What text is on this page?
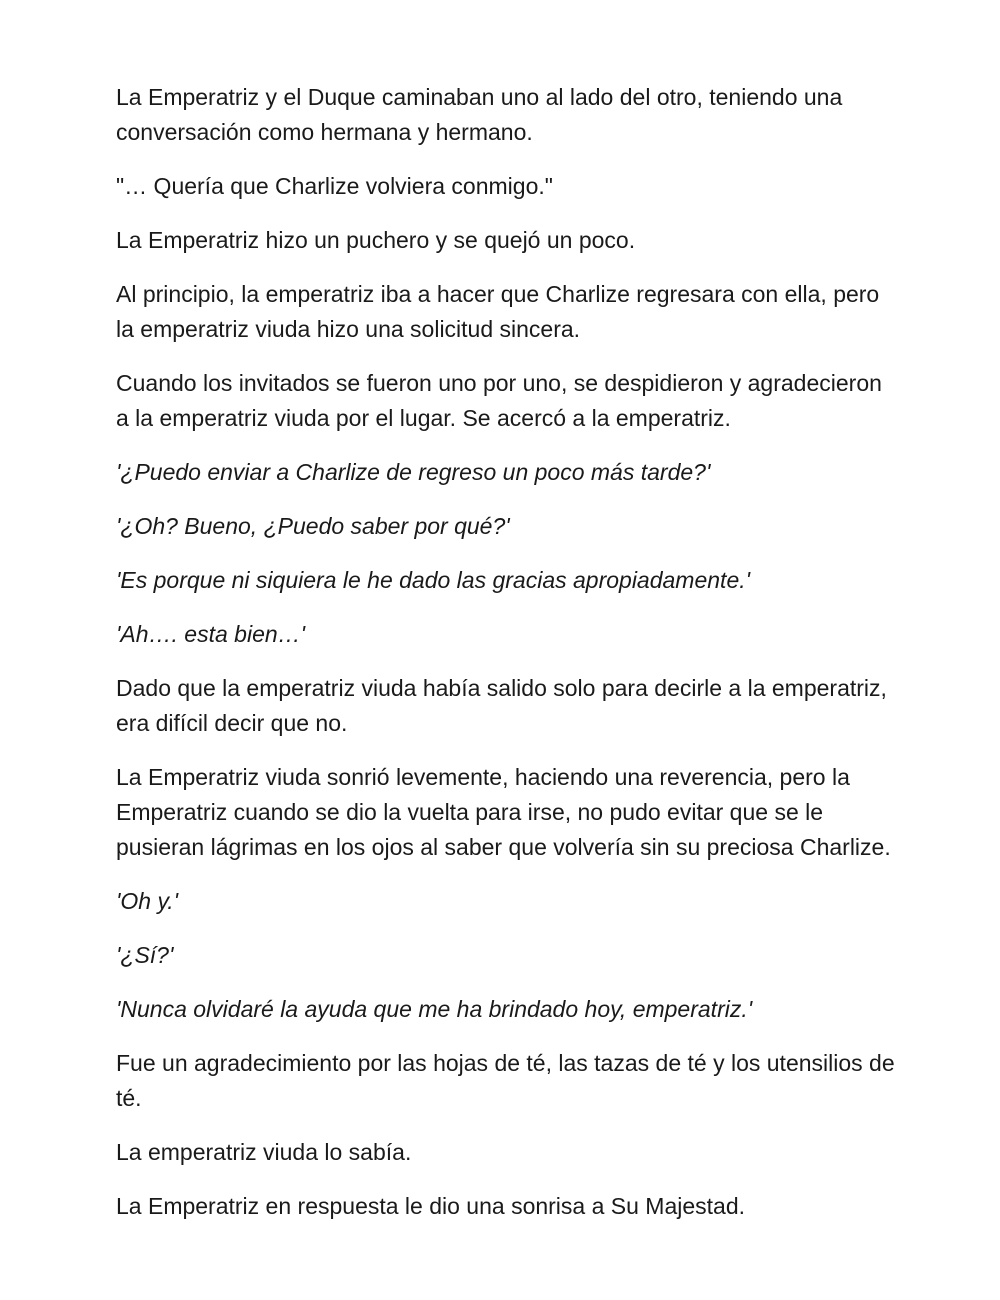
La Emperatriz y el Duque caminaban uno al lado del otro, teniendo una conversación como hermana y hermano.

"… Quería que Charlize volviera conmigo."

La Emperatriz hizo un puchero y se quejó un poco.

Al principio, la emperatriz iba a hacer que Charlize regresara con ella, pero la emperatriz viuda hizo una solicitud sincera.

Cuando los invitados se fueron uno por uno, se despidieron y agradecieron a la emperatriz viuda por el lugar. Se acercó a la emperatriz.

'¿Puedo enviar a Charlize de regreso un poco más tarde?'

'¿Oh? Bueno, ¿Puedo saber por qué?'

'Es porque ni siquiera le he dado las gracias apropiadamente.'

'Ah…. esta bien…'

Dado que la emperatriz viuda había salido solo para decirle a la emperatriz, era difícil decir que no.

La Emperatriz viuda sonrió levemente, haciendo una reverencia, pero la Emperatriz cuando se dio la vuelta para irse, no pudo evitar que se le pusieran lágrimas en los ojos al saber que volvería sin su preciosa Charlize.

'Oh y.'

'¿Sí?'

'Nunca olvidaré la ayuda que me ha brindado hoy, emperatriz.'

Fue un agradecimiento por las hojas de té, las tazas de té y los utensilios de té.

La emperatriz viuda lo sabía.

La Emperatriz en respuesta le dio una sonrisa a Su Majestad.
